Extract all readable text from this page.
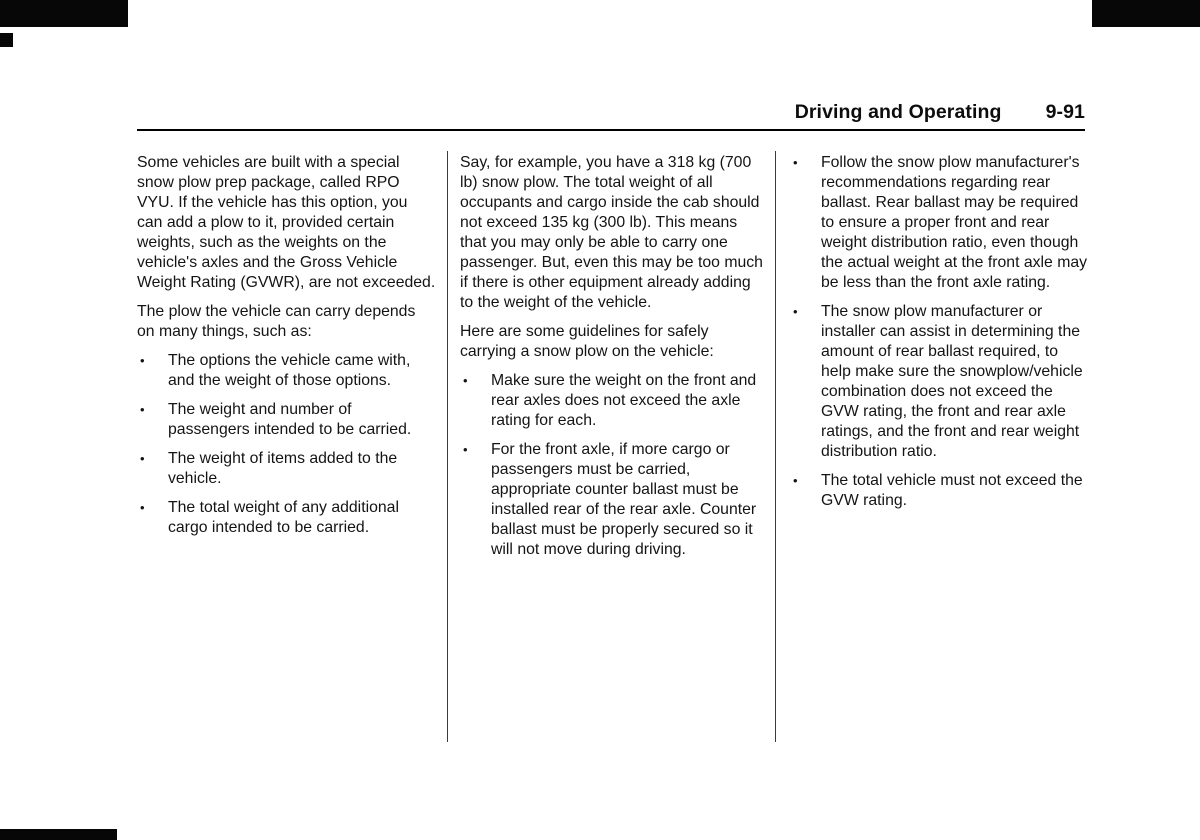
Driving and Operating 9-91

Some vehicles are built with a special snow plow prep package, called RPO VYU. If the vehicle has this option, you can add a plow to it, provided certain weights, such as the weights on the vehicle's axles and the Gross Vehicle Weight Rating (GVWR), are not exceeded.

The plow the vehicle can carry depends on many things, such as:

•	The options the vehicle came with, and the weight of those options.
•	The weight and number of passengers intended to be carried.
•	The weight of items added to the vehicle.
•	The total weight of any additional cargo intended to be carried.

Say, for example, you have a 318 kg (700 lb) snow plow. The total weight of all occupants and cargo inside the cab should not exceed 135 kg (300 lb). This means that you may only be able to carry one passenger. But, even this may be too much if there is other equipment already adding to the weight of the vehicle.

Here are some guidelines for safely carrying a snow plow on the vehicle:

•	Make sure the weight on the front and rear axles does not exceed the axle rating for each.
•	For the front axle, if more cargo or passengers must be carried, appropriate counter ballast must be installed rear of the rear axle. Counter ballast must be properly secured so it will not move during driving.
•	Follow the snow plow manufacturer's recommendations regarding rear ballast. Rear ballast may be required to ensure a proper front and rear weight distribution ratio, even though the actual weight at the front axle may be less than the front axle rating.
•	The snow plow manufacturer or installer can assist in determining the amount of rear ballast required, to help make sure the snowplow/vehicle combination does not exceed the GVW rating, the front and rear axle ratings, and the front and rear weight distribution ratio.
•	The total vehicle must not exceed the GVW rating.
